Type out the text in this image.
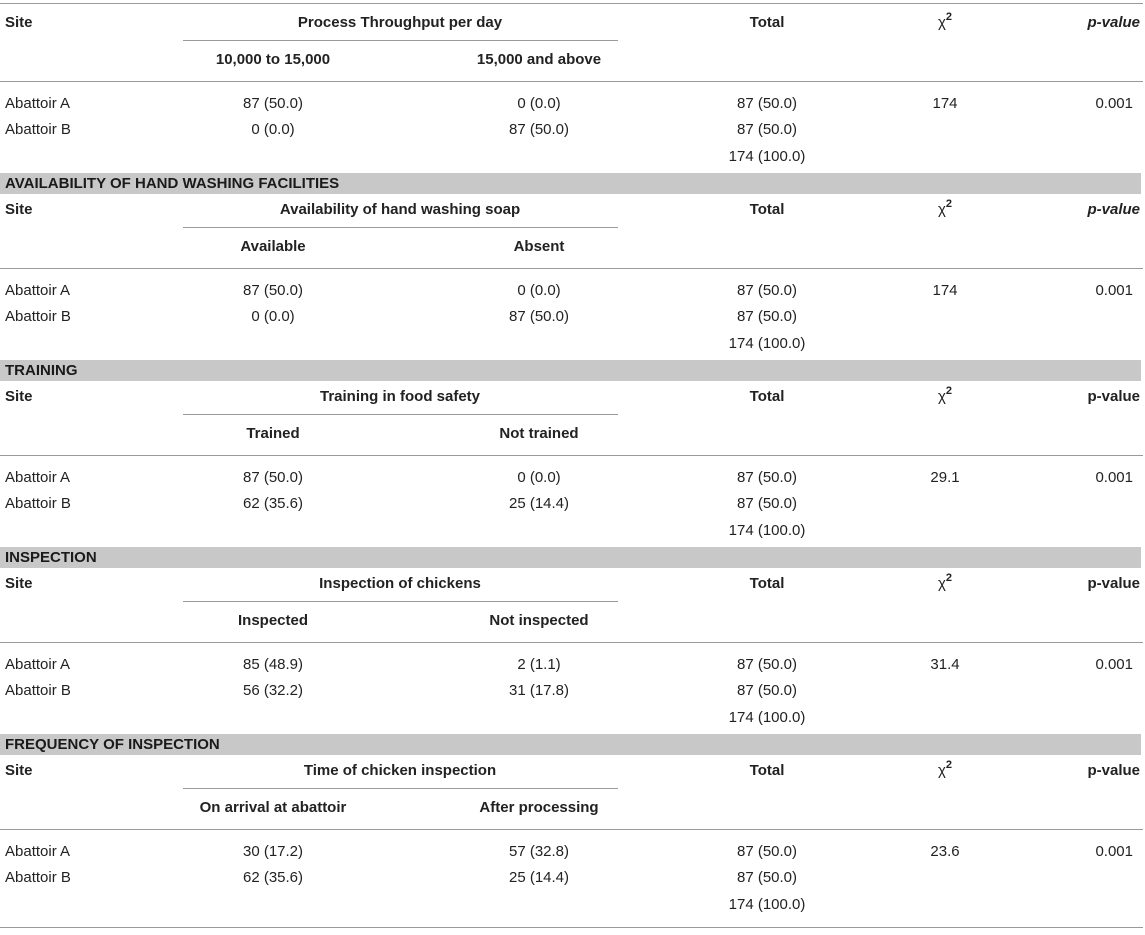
Site	Process Throughput per day
10,000 to 15,000	15,000 and above
Total	$\chi^2$	p-value
Abattoir A	87 (50.0)	0 (0.0)	87 (50.0)	174	0.001
Abattoir B	0 (0.0)	87 (50.0)	87 (50.0)
174 (100.0)
AVAILABILITY OF HAND WASHING FACILITIES
Site	Availability of hand washing soap
Available	Absent
Total	$\chi^2$	p-value
Abattoir A	87 (50.0)	0 (0.0)	87 (50.0)	174	0.001
Abattoir B	0 (0.0)	87 (50.0)	87 (50.0)
174 (100.0)
TRAINING
Site	Training in food safety
Trained	Not trained
Total	$\chi^2$	p-value
Abattoir A	87 (50.0)	0 (0.0)	87 (50.0)	29.1	0.001
Abattoir B	62 (35.6)	25 (14.4)	87 (50.0)
174 (100.0)
INSPECTION
Site	Inspection of chickens
Inspected	Not inspected
Total	$\chi^2$	p-value
Abattoir A	85 (48.9)	2 (1.1)	87 (50.0)	31.4	0.001
Abattoir B	56 (32.2)	31 (17.8)	87 (50.0)
174 (100.0)
FREQUENCY OF INSPECTION
Site	Time of chicken inspection
On arrival at abattoir	After processing
Total	$\chi^2$	p-value
Abattoir A	30 (17.2)	57 (32.8)	87 (50.0)	23.6	0.001
Abattoir B	62 (35.6)	25 (14.4)	87 (50.0)
174 (100.0)
